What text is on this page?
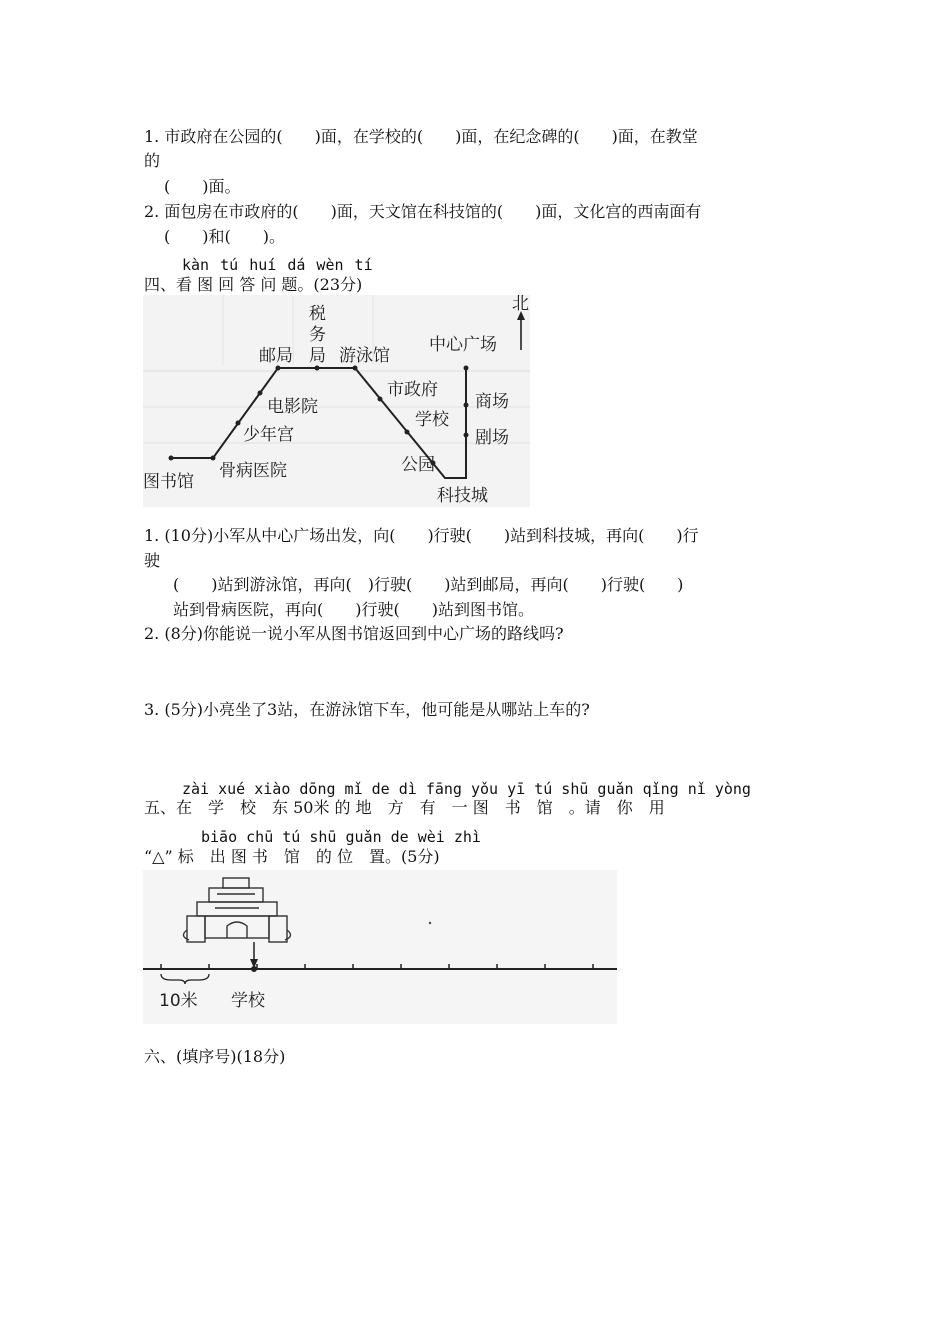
1. 市政府在公园的(　　)面，在学校的(　　)面，在纪念碑的(　　)面，在教堂
的
(　　)面。
2. 面包房在市政府的(　　)面，天文馆在科技馆的(　　)面，文化宫的西南面有
(　　)和(　　)。
kàn tú huí dá wèn tí
四、看 图 回 答 问 题。(23分)
北
税
务
局
邮局	游泳馆
中心广场
电影院
市政府
少年宫
学校
商场
剧场
图书馆
骨病医院	公园
科技城
1. (10分)小军从中心广场出发，向(　　)行驶(　　)站到科技城，再向(　　)行
驶
(　　)站到游泳馆，再向(　)行驶(　　)站到邮局，再向(　　)行驶(　　)
站到骨病医院，再向(　　)行驶(　　)站到图书馆。
2. (8分)你能说一说小军从图书馆返回到中心广场的路线吗?
3. (5分)小亮坐了3站，在游泳馆下车，他可能是从哪站上车的?
zài xué xiào dōng mǐ de dì fāng yǒu yī tú shū guǎn qǐng nǐ yòng
五、在　学　校　东 50米 的 地　方　有　一 图　书　馆　。请　你　用
biāo chū tú shū guǎn de wèi zhì
“△” 标　出 图 书　馆　的 位　置。(5分)
10米 学校
六、(填序号)(18分)
